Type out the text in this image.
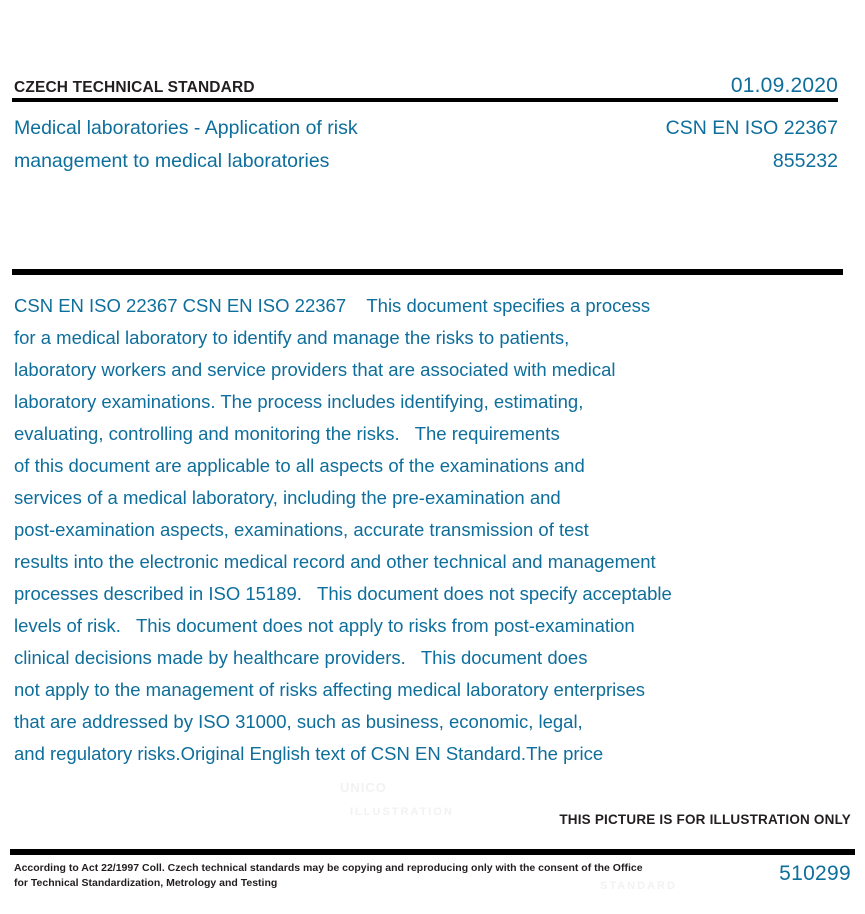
CZECH TECHNICAL STANDARD	01.09.2020
Medical laboratories - Application of risk
management to medical laboratories
CSN EN ISO 22367
855232
CSN EN ISO 22367 CSN EN ISO 22367    This document specifies a process
for a medical laboratory to identify and manage the risks to patients,
laboratory workers and service providers that are associated with medical
laboratory examinations. The process includes identifying, estimating,
evaluating, controlling and monitoring the risks.   The requirements
of this document are applicable to all aspects of the examinations and
services of a medical laboratory, including the pre-examination and
post-examination aspects, examinations, accurate transmission of test
results into the electronic medical record and other technical and management
processes described in ISO 15189.   This document does not specify acceptable
levels of risk.   This document does not apply to risks from post-examination
clinical decisions made by healthcare providers.   This document does
not apply to the management of risks affecting medical laboratory enterprises
that are addressed by ISO 31000, such as business, economic, legal,
and regulatory risks.Original English text of CSN EN Standard.The price
UNICO
ILLUSTRATION
STANDARD
THIS PICTURE IS FOR ILLUSTRATION ONLY
According to Act 22/1997 Coll. Czech technical standards may be copying and reproducing only with the consent of the Office
for Technical Standardization, Metrology and Testing	510299
